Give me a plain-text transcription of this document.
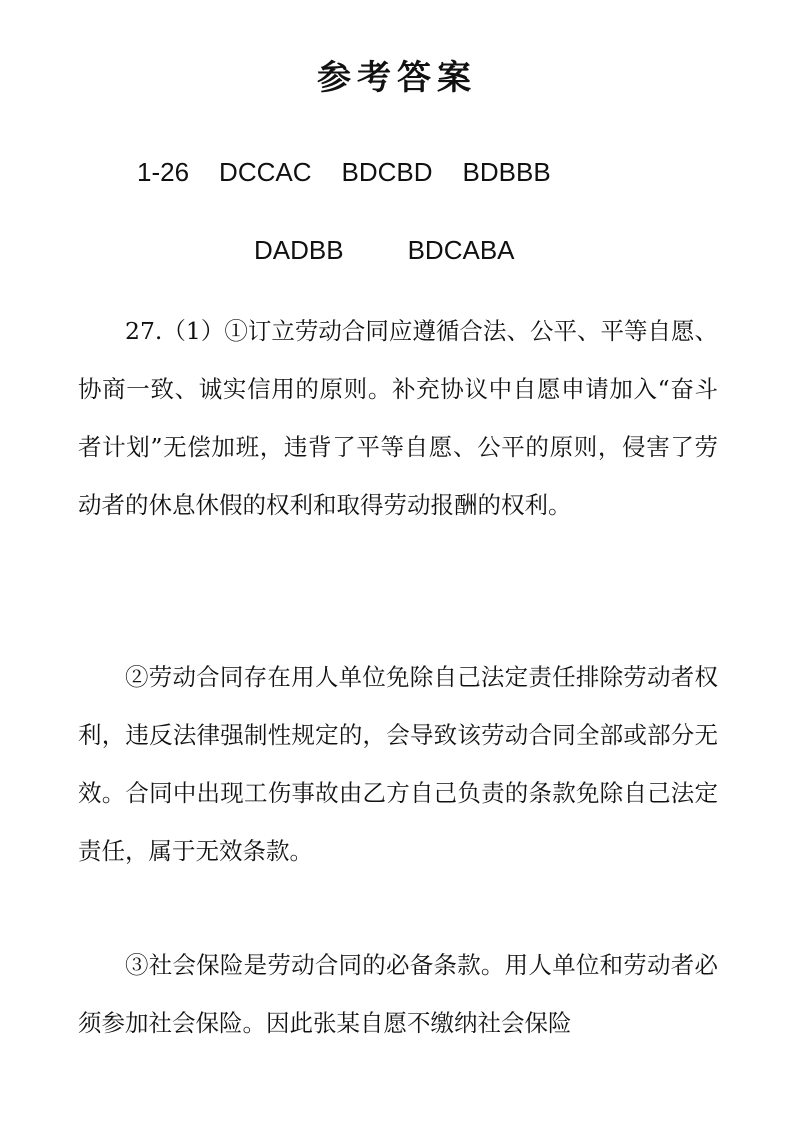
参考答案
1-26 DCCAC BDCBD BDBBB
DADBB BDCABA

27.（1）①订立劳动合同应遵循合法、公平、平等自愿、协商一致、诚实信用的原则。补充协议中自愿申请加入“奋斗者计划”无偿加班，违背了平等自愿、公平的原则，侵害了劳动者的休息休假的权利和取得劳动报酬的权利。

②劳动合同存在用人单位免除自己法定责任排除劳动者权利，违反法律强制性规定的，会导致该劳动合同全部或部分无效。合同中出现工伤事故由乙方自己负责的条款免除自己法定责任，属于无效条款。

③社会保险是劳动合同的必备条款。用人单位和劳动者必须参加社会保险。因此张某自愿不缴纳社会保险
